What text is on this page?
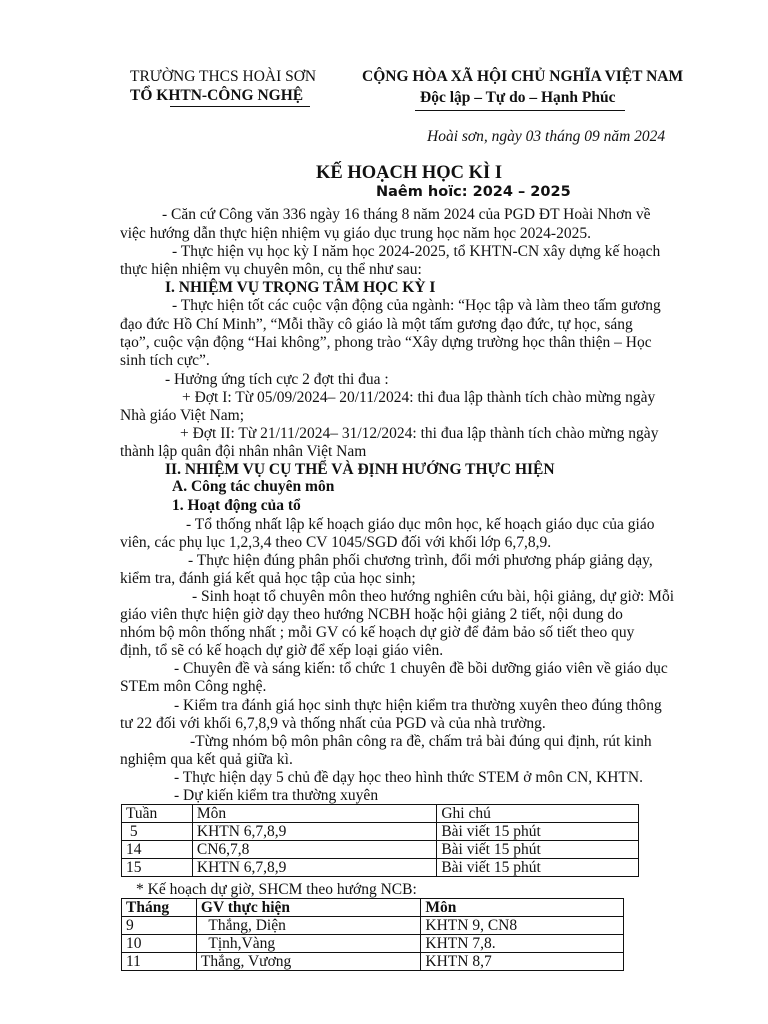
TRƯỜNG THCS HOÀI SƠN
TỔ KHTN-CÔNG NGHỆ
CỘNG HÒA XÃ HỘI CHỦ NGHĨA VIỆT NAM
Độc lập – Tự do – Hạnh Phúc
Hoài sơn, ngày 03 tháng 09 năm 2024
KẾ HOẠCH HỌC KÌ I
Naêm hoïc: 2024 – 2025
- Căn cứ Công văn 336 ngày 16 tháng 8 năm 2024 của PGD ĐT Hoài Nhơn về
việc hướng dẫn thực hiện nhiệm vụ giáo dục trung học năm học 2024-2025.
- Thực hiện vụ học kỳ I năm học 2024-2025, tổ KHTN-CN xây dựng kế hoạch
thực hiện nhiệm vụ chuyên môn, cụ thể như sau:
I. NHIỆM VỤ TRỌNG TÂM HỌC KỲ I
- Thực hiện tốt các cuộc vận động của ngành: “Học tập và làm theo tấm gương
đạo đức Hồ Chí Minh”, “Mỗi thầy cô giáo là một tấm gương đạo đức, tự học, sáng
tạo”, cuộc vận động “Hai không”, phong trào “Xây dựng trường học thân thiện – Học
sinh tích cực”.
- Hưởng ứng tích cực 2 đợt thi đua :
+ Đợt I: Từ 05/09/2024– 20/11/2024: thi đua lập thành tích chào mừng ngày
Nhà giáo Việt Nam;
+ Đợt II: Từ 21/11/2024– 31/12/2024: thi đua lập thành tích chào mừng ngày
thành lập quân đội nhân nhân Việt Nam
II. NHIỆM VỤ CỤ THỂ VÀ ĐỊNH HƯỚNG THỰC HIỆN
A. Công tác chuyên môn
1. Hoạt động của tổ
- Tổ thống nhất lập kế hoạch giáo dục môn học, kế hoạch giáo dục của giáo
viên, các phụ lục 1,2,3,4 theo CV 1045/SGD đối với khối lớp 6,7,8,9.
- Thực hiện đúng phân phối chương trình, đổi mới phương pháp giảng dạy,
kiểm tra, đánh giá kết quả học tập của học sinh;
- Sinh hoạt tổ chuyên môn theo hướng nghiên cứu bài, hội giảng, dự giờ: Mỗi
giáo viên thực hiện giờ dạy theo hướng NCBH hoặc hội giảng 2 tiết, nội dung do
nhóm bộ môn thống nhất ; mỗi GV có kế hoạch dự giờ để đảm bảo số tiết theo quy
định, tổ sẽ có kế hoạch dự giờ để xếp loại giáo viên.
- Chuyên đề và sáng kiến: tổ chức 1 chuyên đề bồi dưỡng giáo viên về giáo dục
STEm môn Công nghệ.
- Kiểm tra đánh giá học sinh thực hiện kiểm tra thường xuyên theo đúng thông
tư 22 đối với khối 6,7,8,9 và thống nhất của PGD và của nhà trường.
-Từng nhóm bộ môn phân công ra đề, chấm trả bài đúng qui định, rút kinh
nghiệm qua kết quả giữa kì.
- Thực hiện dạy 5 chủ đề dạy học theo hình thức STEM ở môn CN, KHTN.
- Dự kiến kiểm tra thường xuyên
Tuần	Môn	Ghi chú
5	KHTN 6,7,8,9	Bài viết 15 phút
14	CN6,7,8	Bài viết 15 phút
15	KHTN 6,7,8,9	Bài viết 15 phút
* Kế hoạch dự giờ, SHCM theo hướng NCB:
Tháng	GV thực hiện	Môn
9	Thắng, Diện	KHTN 9, CN8
10	Tịnh,Vàng	KHTN 7,8.
11	Thắng, Vương	KHTN 8,7
